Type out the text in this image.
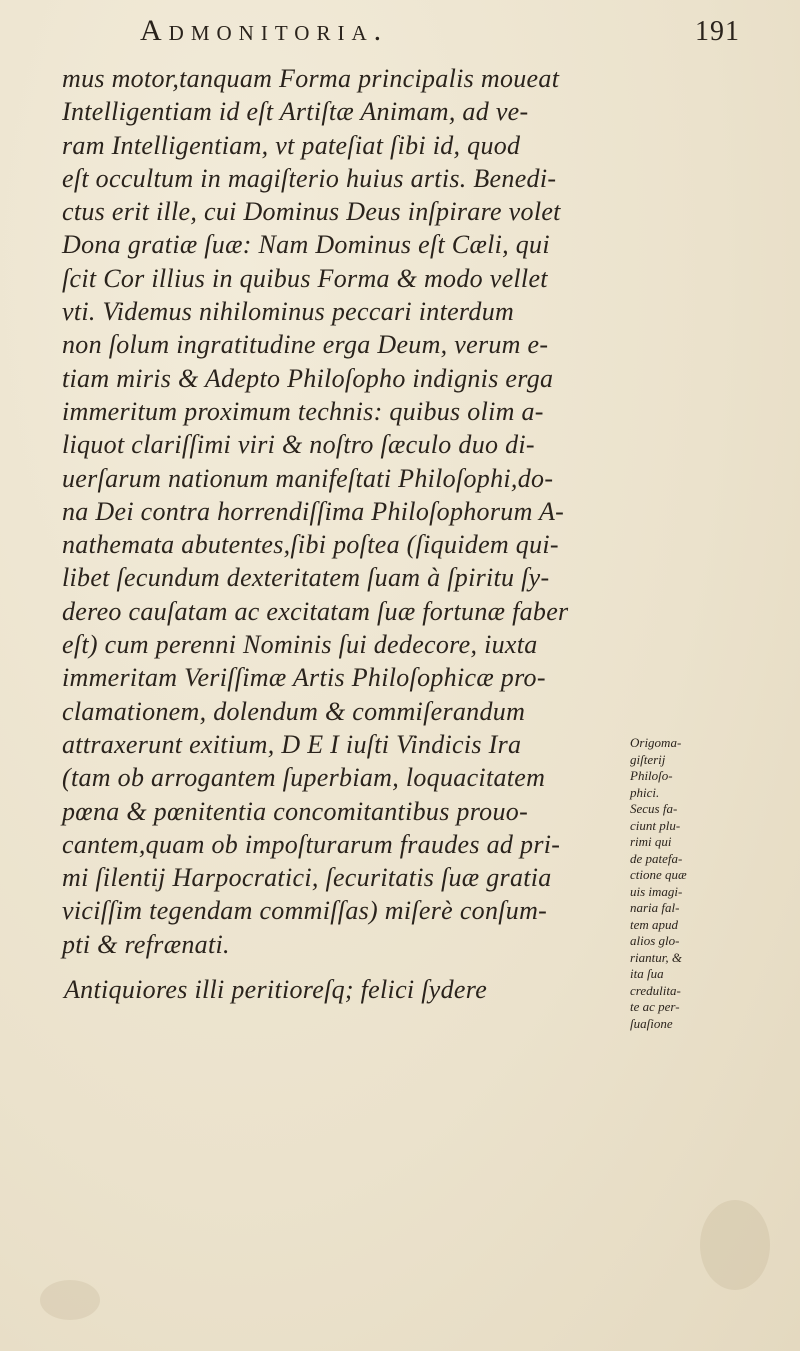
Admonitoria.	191
mus motor,tanquam Forma principalis moueat
Intelligentiam id eſt Artiſtæ Animam, ad ve-
ram Intelligentiam, vt pateſiat ſibi id, quod
eſt occultum in magiſterio huius artis. Benedi-
ctus erit ille, cui Dominus Deus inſpirare volet
Dona gratiæ ſuæ: Nam Dominus eſt Cæli, qui
ſcit Cor illius in quibus Forma & modo vellet
vti. Videmus nihilominus peccari interdum
non ſolum ingratitudine erga Deum, verum e-
tiam miris & Adepto Philoſopho indignis erga
immeritum proximum technis: quibus olim a-
liquot clariſſimi viri & noſtro ſæculo duo di-
uerſarum nationum manifeſtati Philoſophi,do-
na Dei contra horrendiſſima Philoſophorum A-
nathemata abutentes,ſibi poſtea (ſiquidem qui-
libet ſecundum dexteritatem ſuam à ſpiritu ſy-
dereo cauſatam ac excitatam ſuæ fortunæ faber
eſt) cum perenni Nominis ſui dedecore, iuxta
immeritam Veriſſimæ Artis Philoſophicæ pro-
clamationem, dolendum & commiſerandum
attraxerunt exitium, D E I iuſti Vindicis Ira
(tam ob arrogantem ſuperbiam, loquacitatem
pœna & pœnitentia concomitantibus prouo-
cantem,quam ob impoſturarum fraudes ad pri-
mi ſilentij Harpocratici, ſecuritatis ſuæ gratia
viciſſim tegendam commiſſas) miſerè conſum-
pti & refrænati.
Antiquiores illi peritioreſq; felici ſydere
Origoma-
giſterij
Philoſo-
phici.
Secus fa-
ciunt plu-
rimi qui
de patefa-
ctione quæ
uis imagi-
naria fal-
tem apud
alios glo-
riantur, &
ita ſua
credulita-
te ac per-
ſuaſione
